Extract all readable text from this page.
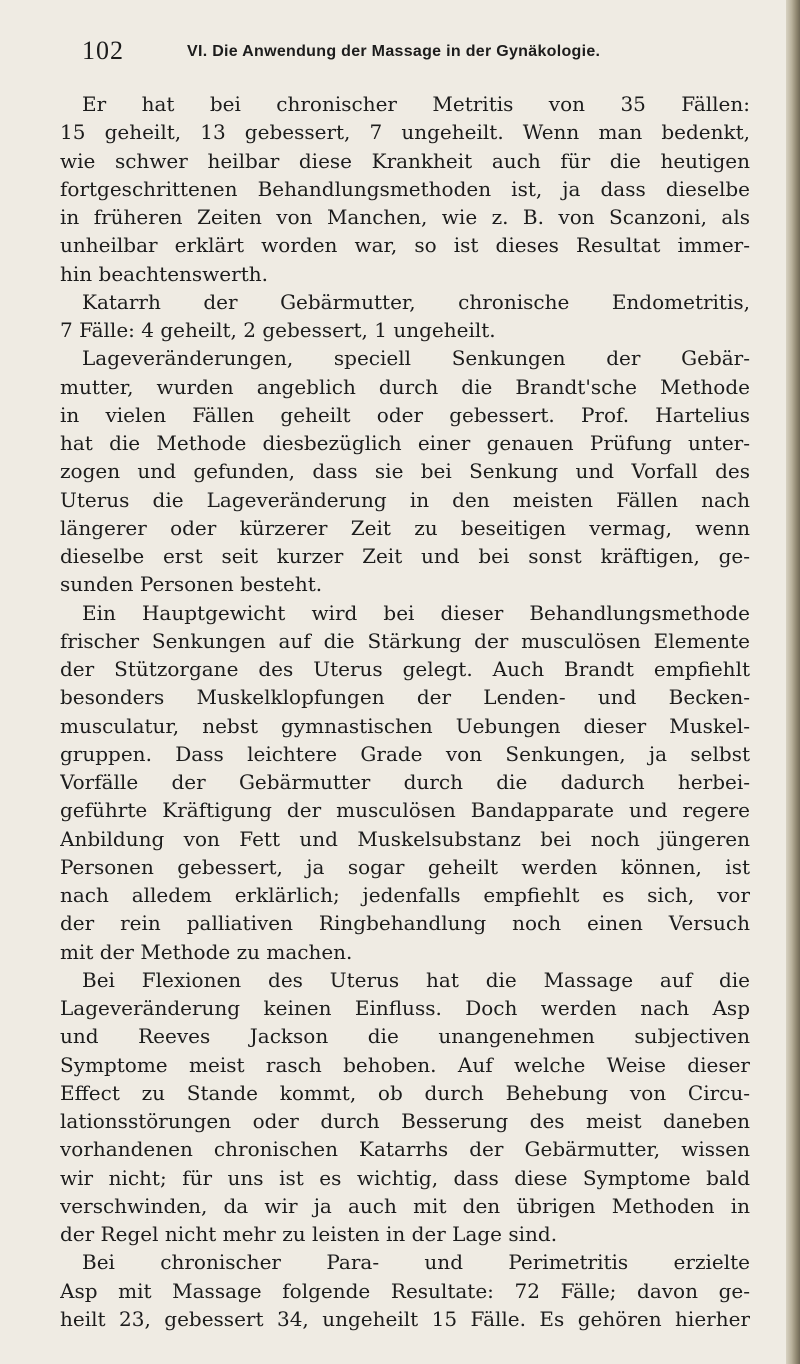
102	VI. Die Anwendung der Massage in der Gynäkologie.
Er hat bei chronischer Metritis von 35 Fällen:
15 geheilt, 13 gebessert, 7 ungeheilt. Wenn man bedenkt,
wie schwer heilbar diese Krankheit auch für die heutigen
fortgeschrittenen Behandlungsmethoden ist, ja dass dieselbe
in früheren Zeiten von Manchen, wie z. B. von Scanzoni, als
unheilbar erklärt worden war, so ist dieses Resultat immer-
hin beachtenswerth.
Katarrh der Gebärmutter, chronische Endometritis,
7 Fälle: 4 geheilt, 2 gebessert, 1 ungeheilt.
Lageveränderungen, speciell Senkungen der Gebär-
mutter, wurden angeblich durch die Brandt'sche Methode
in vielen Fällen geheilt oder gebessert. Prof. Hartelius
hat die Methode diesbezüglich einer genauen Prüfung unter-
zogen und gefunden, dass sie bei Senkung und Vorfall des
Uterus die Lageveränderung in den meisten Fällen nach
längerer oder kürzerer Zeit zu beseitigen vermag, wenn
dieselbe erst seit kurzer Zeit und bei sonst kräftigen, ge-
sunden Personen besteht.
Ein Hauptgewicht wird bei dieser Behandlungsmethode
frischer Senkungen auf die Stärkung der musculösen Elemente
der Stützorgane des Uterus gelegt. Auch Brandt empfiehlt
besonders Muskelklopfungen der Lenden- und Becken-
musculatur, nebst gymnastischen Uebungen dieser Muskel-
gruppen. Dass leichtere Grade von Senkungen, ja selbst
Vorfälle der Gebärmutter durch die dadurch herbei-
geführte Kräftigung der musculösen Bandapparate und regere
Anbildung von Fett und Muskelsubstanz bei noch jüngeren
Personen gebessert, ja sogar geheilt werden können, ist
nach alledem erklärlich; jedenfalls empfiehlt es sich, vor
der rein palliativen Ringbehandlung noch einen Versuch
mit der Methode zu machen.
Bei Flexionen des Uterus hat die Massage auf die
Lageveränderung keinen Einfluss. Doch werden nach Asp
und Reeves Jackson die unangenehmen subjectiven
Symptome meist rasch behoben. Auf welche Weise dieser
Effect zu Stande kommt, ob durch Behebung von Circu-
lationsstörungen oder durch Besserung des meist daneben
vorhandenen chronischen Katarrhs der Gebärmutter, wissen
wir nicht; für uns ist es wichtig, dass diese Symptome bald
verschwinden, da wir ja auch mit den übrigen Methoden in
der Regel nicht mehr zu leisten in der Lage sind.
Bei chronischer Para- und Perimetritis erzielte
Asp mit Massage folgende Resultate: 72 Fälle; davon ge-
heilt 23, gebessert 34, ungeheilt 15 Fälle. Es gehören hierher
